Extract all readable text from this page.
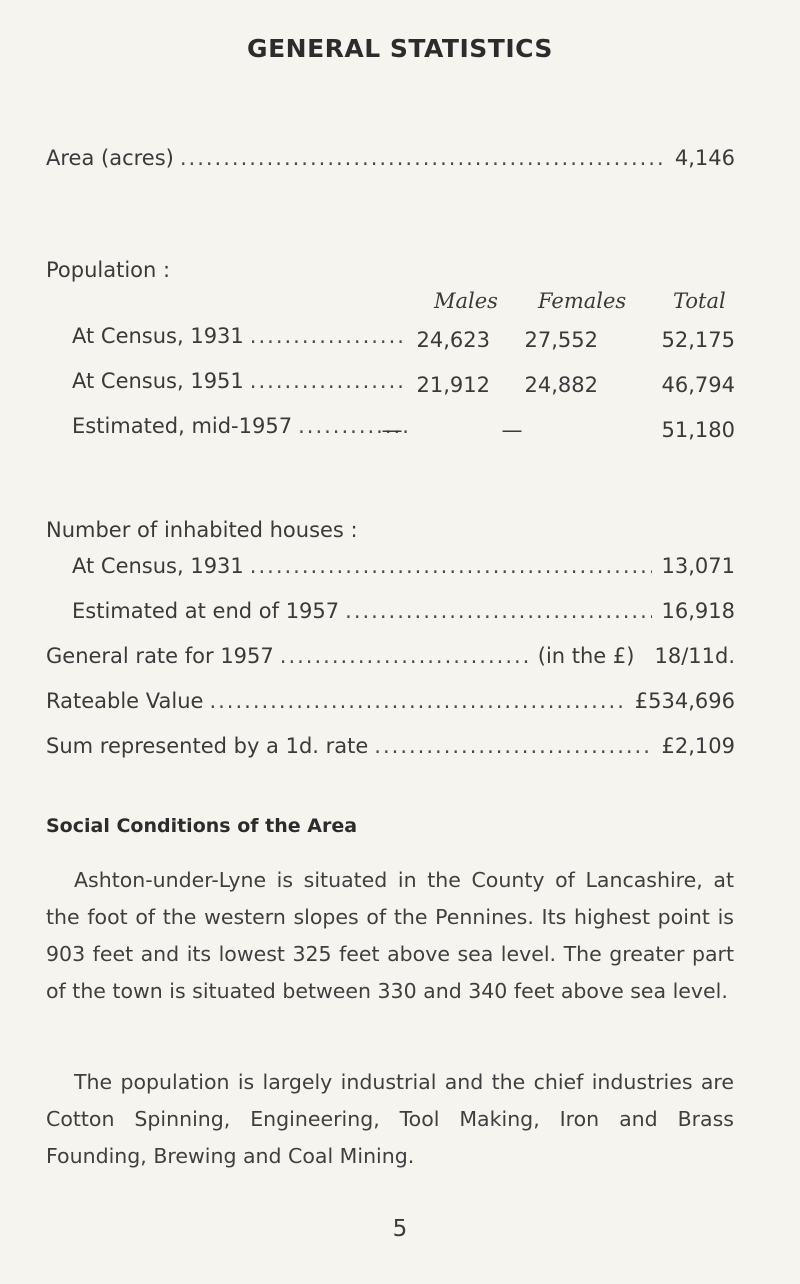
GENERAL STATISTICS
Area (acres) .....	4,146
Population :
Males Females Total
At Census, 1931 .....	24,623	27,552	52,175
At Census, 1951 .....	21,912	24,882	46,794
Estimated, mid-1957 .....	—	—	51,180
Number of inhabited houses :
At Census, 1931 .....	13,071
Estimated at end of 1957 .....	16,918
General rate for 1957 .....	(in the £) 18/11d.
Rateable Value .....	£534,696
Sum represented by a 1d. rate .....	£2,109
Social Conditions of the Area
Ashton-under-Lyne is situated in the County of Lancashire, at the foot of the western slopes of the Pennines. Its highest point is 903 feet and its lowest 325 feet above sea level. The greater part of the town is situated between 330 and 340 feet above sea level.
The population is largely industrial and the chief industries are Cotton Spinning, Engineering, Tool Making, Iron and Brass Founding, Brewing and Coal Mining.
5
